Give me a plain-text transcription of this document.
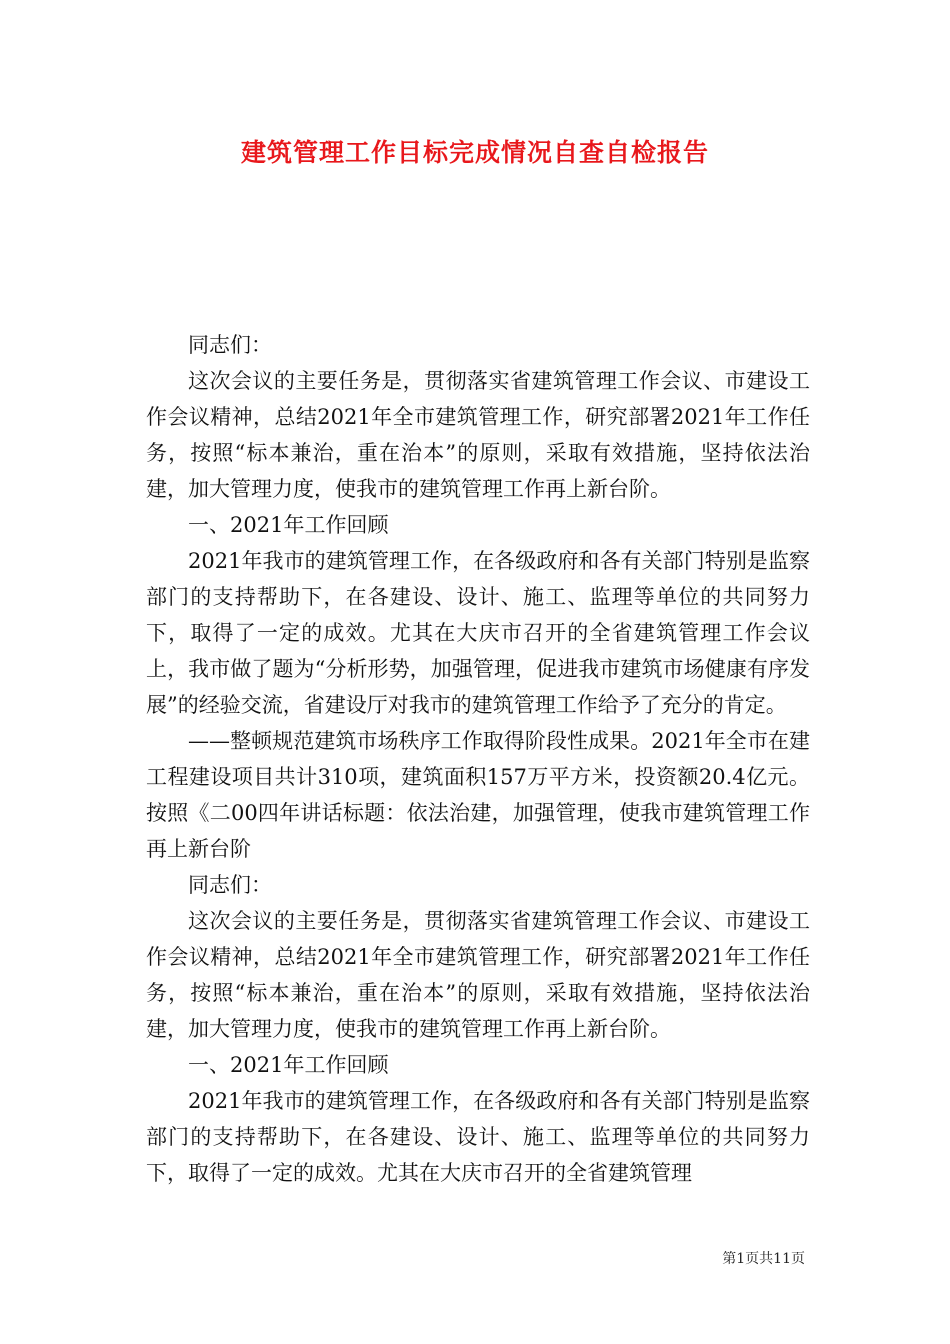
建筑管理工作目标完成情况自查自检报告

同志们：

这次会议的主要任务是，贯彻落实省建筑管理工作会议、市建设工作会议精神，总结2021年全市建筑管理工作，研究部署2021年工作任务，按照“标本兼治，重在治本”的原则，采取有效措施，坚持依法治建，加大管理力度，使我市的建筑管理工作再上新台阶。

一、2021年工作回顾

2021年我市的建筑管理工作，在各级政府和各有关部门特别是监察部门的支持帮助下，在各建设、设计、施工、监理等单位的共同努力下，取得了一定的成效。尤其在大庆市召开的全省建筑管理工作会议上，我市做了题为“分析形势，加强管理，促进我市建筑市场健康有序发展”的经验交流，省建设厅对我市的建筑管理工作给予了充分的肯定。

——整顿规范建筑市场秩序工作取得阶段性成果。2021年全市在建工程建设项目共计310项，建筑面积157万平方米，投资额20.4亿元。按照《二00四年讲话标题：依法治建，加强管理，使我市建筑管理工作再上新台阶

同志们：

这次会议的主要任务是，贯彻落实省建筑管理工作会议、市建设工作会议精神，总结2021年全市建筑管理工作，研究部署2021年工作任务，按照“标本兼治，重在治本”的原则，采取有效措施，坚持依法治建，加大管理力度，使我市的建筑管理工作再上新台阶。

一、2021年工作回顾

2021年我市的建筑管理工作，在各级政府和各有关部门特别是监察部门的支持帮助下，在各建设、设计、施工、监理等单位的共同努力下，取得了一定的成效。尤其在大庆市召开的全省建筑管理

第1页共11页
